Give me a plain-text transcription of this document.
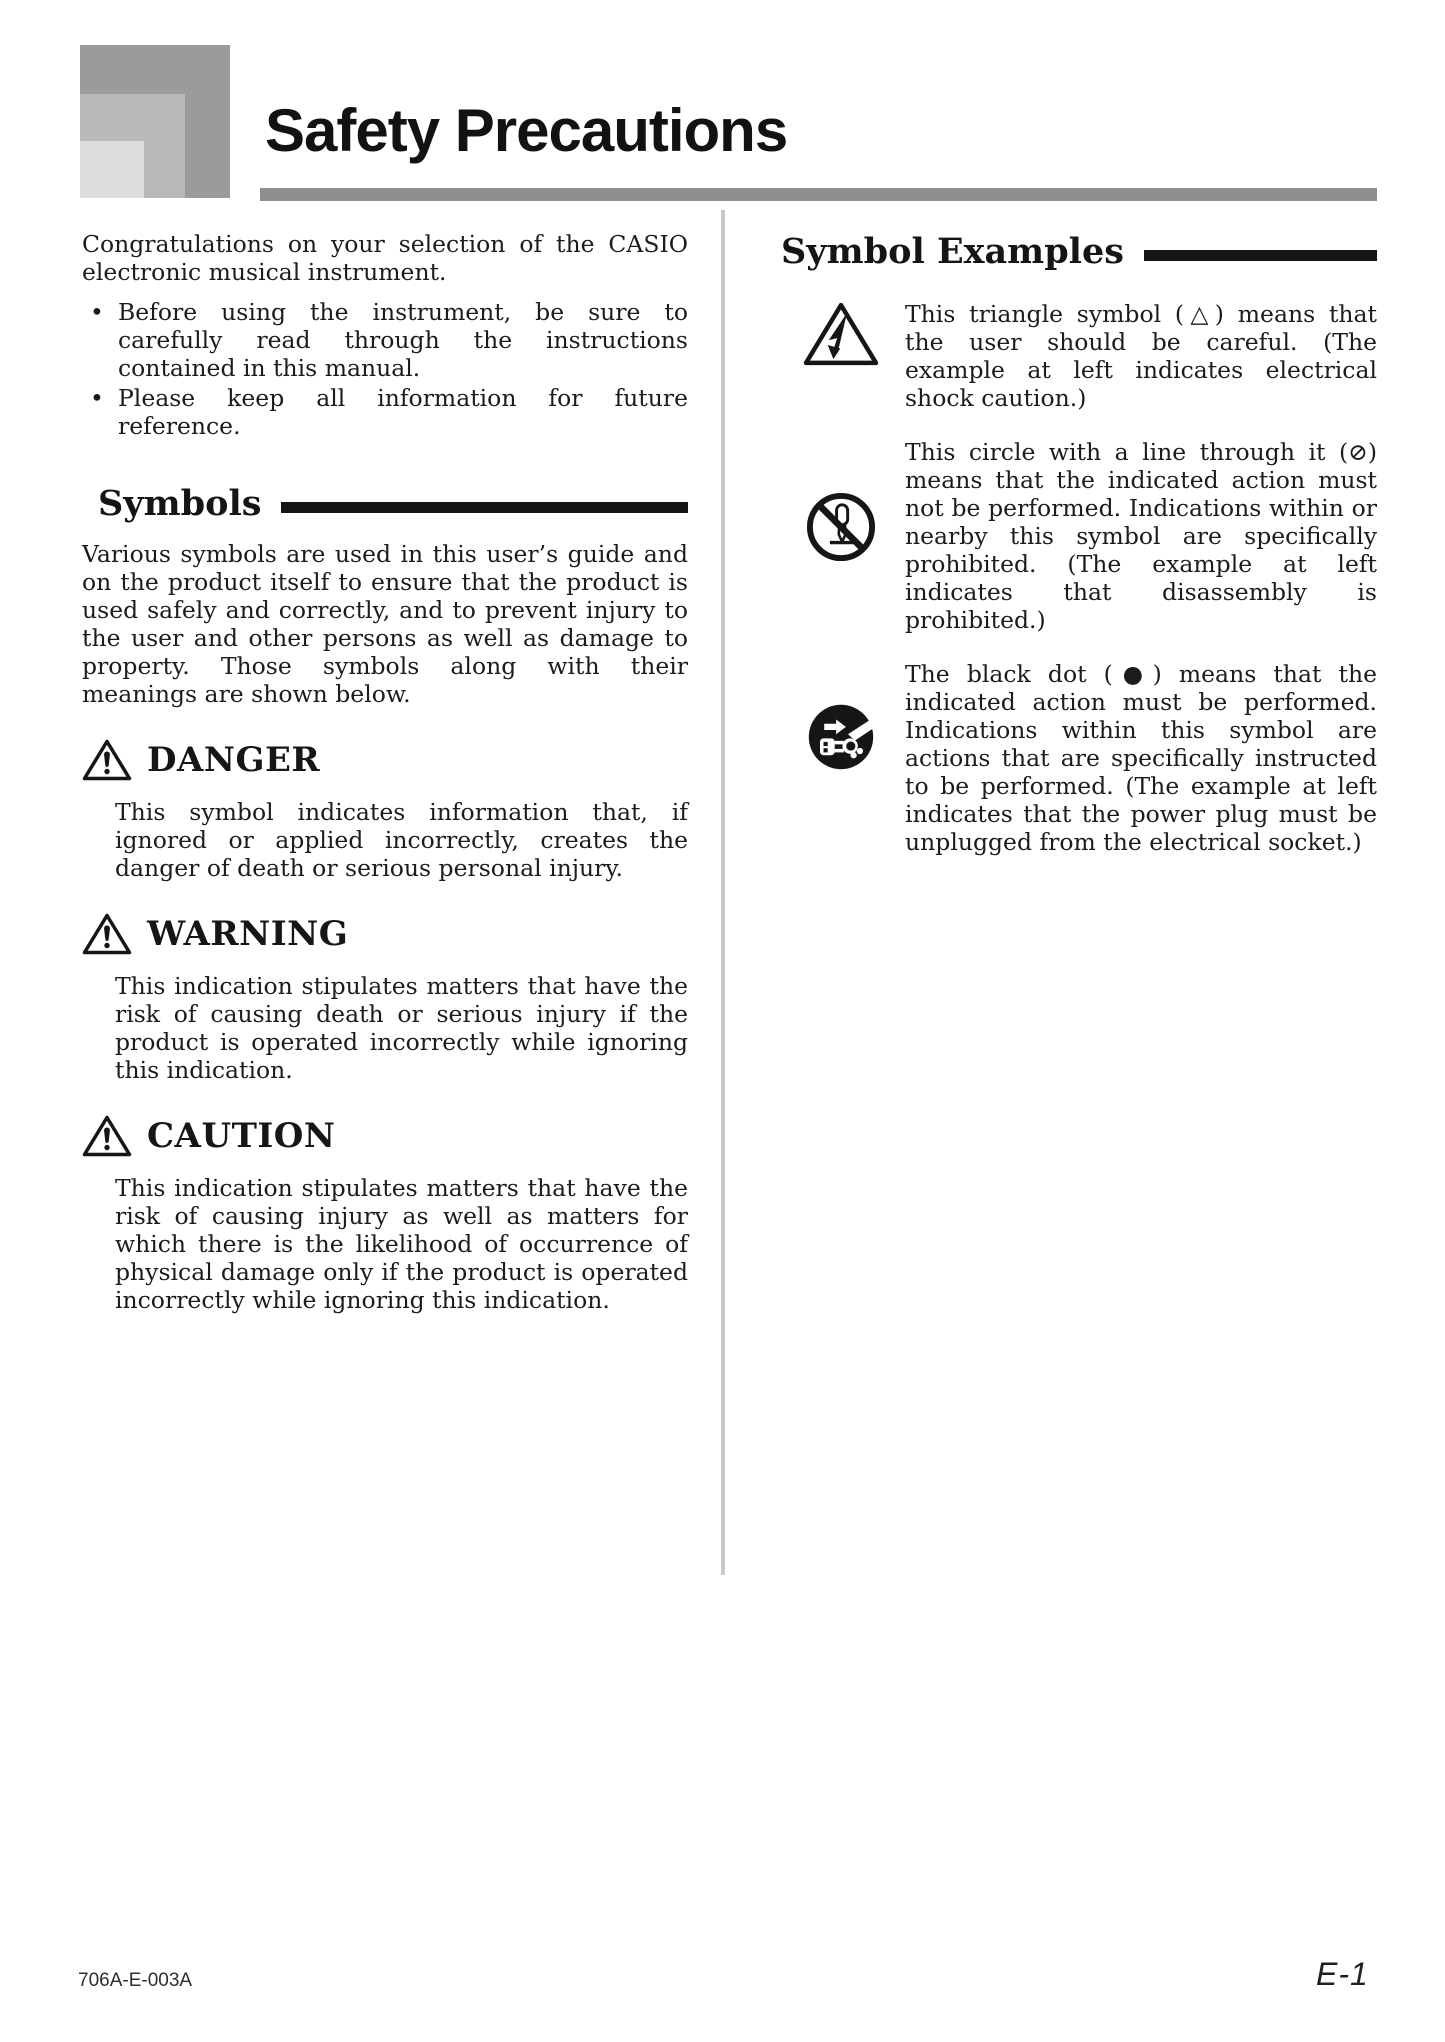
Safety Precautions

Congratulations on your selection of the CASIO electronic musical instrument.

• Before using the instrument, be sure to carefully read through the instructions contained in this manual.
• Please keep all information for future reference.
Symbols

Various symbols are used in this user’s guide and on the product itself to ensure that the product is used safely and correctly, and to prevent injury to the user and other persons as well as damage to property. Those symbols along with their meanings are shown below.

DANGER

This symbol indicates information that, if ignored or applied incorrectly, creates the danger of death or serious personal injury.

WARNING

This indication stipulates matters that have the risk of causing death or serious injury if the product is operated incorrectly while ignoring this indication.

CAUTION

This indication stipulates matters that have the risk of causing injury as well as matters for which there is the likelihood of occurrence of physical damage only if the product is operated incorrectly while ignoring this indication.

Symbol Examples

This triangle symbol (△) means that the user should be careful. (The example at left indicates electrical shock caution.)

This circle with a line through it (⊘) means that the indicated action must not be performed. Indications within or nearby this symbol are specifically prohibited. (The example at left indicates that disassembly is prohibited.)

The black dot (●) means that the indicated action must be performed. Indications within this symbol are actions that are specifically instructed to be performed. (The example at left indicates that the power plug must be unplugged from the electrical socket.)

706A-E-003A	E-1
